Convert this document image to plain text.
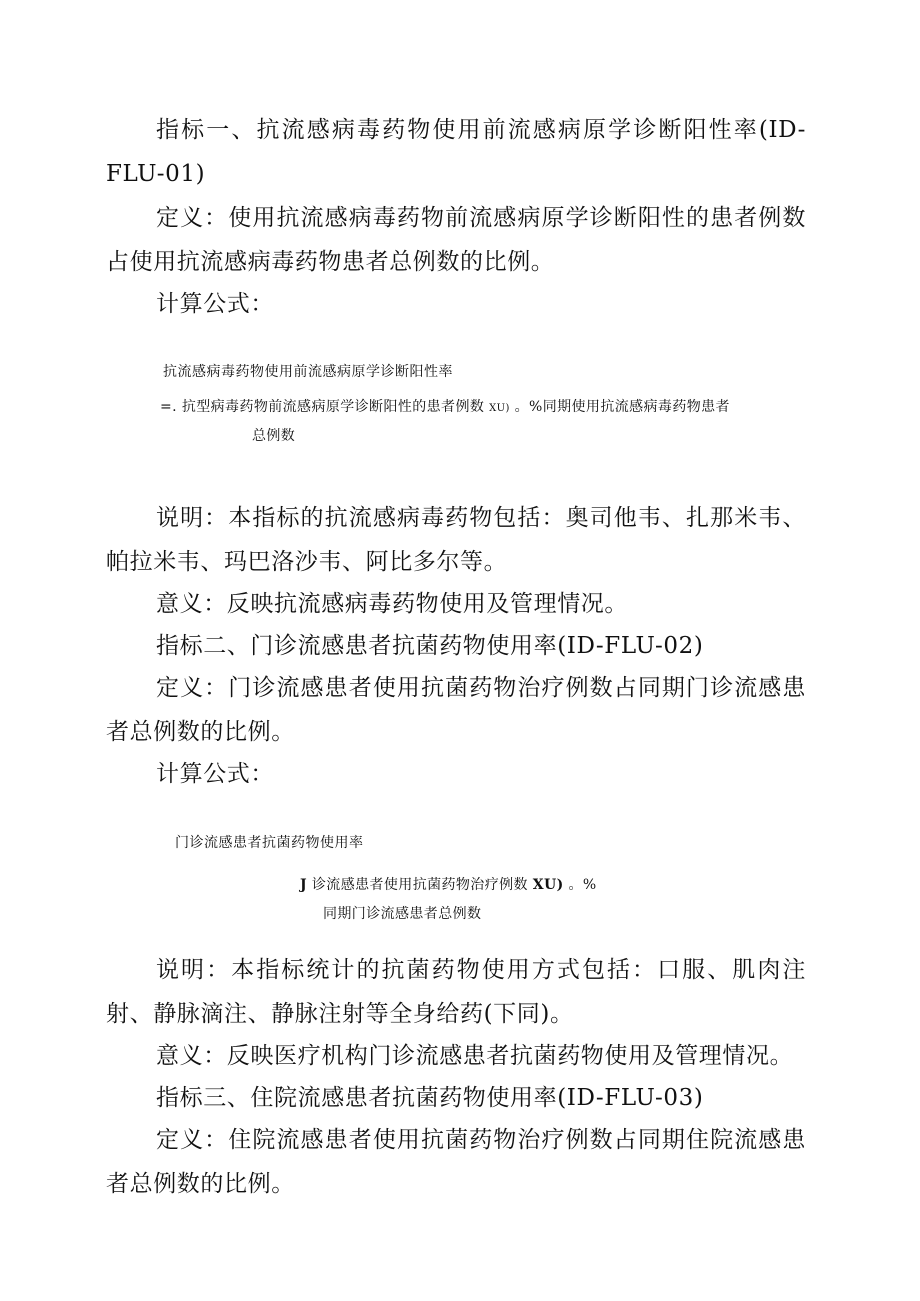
指标一、抗流感病毒药物使用前流感病原学诊断阳性率(ID-FLU-01)

定义：使用抗流感病毒药物前流感病原学诊断阳性的患者例数占使用抗流感病毒药物患者总例数的比例。

计算公式：

抗流感病毒药物使用前流感病原学诊断阳性率

=. 抗型病毒药物前流感病原学诊断阳性的患者例数 XU) 。%同期使用抗流感病毒药物患者

总例数

说明：本指标的抗流感病毒药物包括：奥司他韦、扎那米韦、帕拉米韦、玛巴洛沙韦、阿比多尔等。

意义：反映抗流感病毒药物使用及管理情况。

指标二、门诊流感患者抗菌药物使用率(ID-FLU-02)

定义：门诊流感患者使用抗菌药物治疗例数占同期门诊流感患者总例数的比例。

计算公式：

门诊流感患者抗菌药物使用率

J 诊流感患者使用抗菌药物治疗例数 XU) 。%

同期门诊流感患者总例数

说明：本指标统计的抗菌药物使用方式包括：口服、肌肉注射、静脉滴注、静脉注射等全身给药(下同)。

意义：反映医疗机构门诊流感患者抗菌药物使用及管理情况。

指标三、住院流感患者抗菌药物使用率(ID-FLU-03)

定义：住院流感患者使用抗菌药物治疗例数占同期住院流感患者总例数的比例。
